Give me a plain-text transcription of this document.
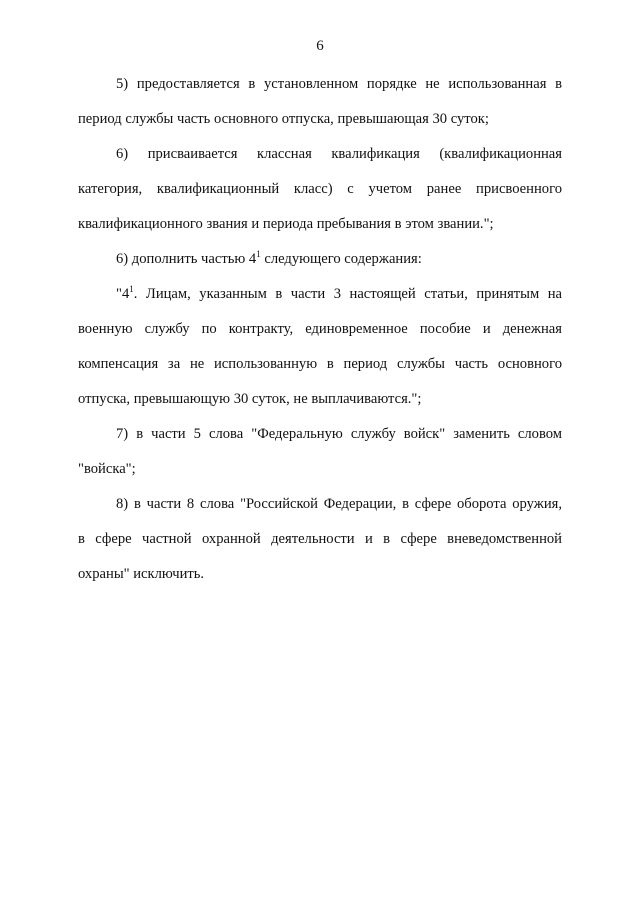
6
5) предоставляется в установленном порядке не использованная в
период службы часть основного отпуска, превышающая 30 суток;
6) присваивается классная квалификация (квалификационная
категория, квалификационный класс) с учетом ранее присвоенного
квалификационного звания и периода пребывания в этом звании.";
6) дополнить частью $4^1$ следующего содержания:
"$4^1$. Лицам, указанным в части 3 настоящей статьи, принятым на
военную службу по контракту, единовременное пособие и денежная
компенсация за не использованную в период службы часть основного
отпуска, превышающую 30 суток, не выплачиваются.";
7) в части 5 слова "Федеральную службу войск" заменить словом
"войска";
8) в части 8 слова "Российской Федерации, в сфере оборота оружия,
в сфере частной охранной деятельности и в сфере вневедомственной
охраны" исключить.
